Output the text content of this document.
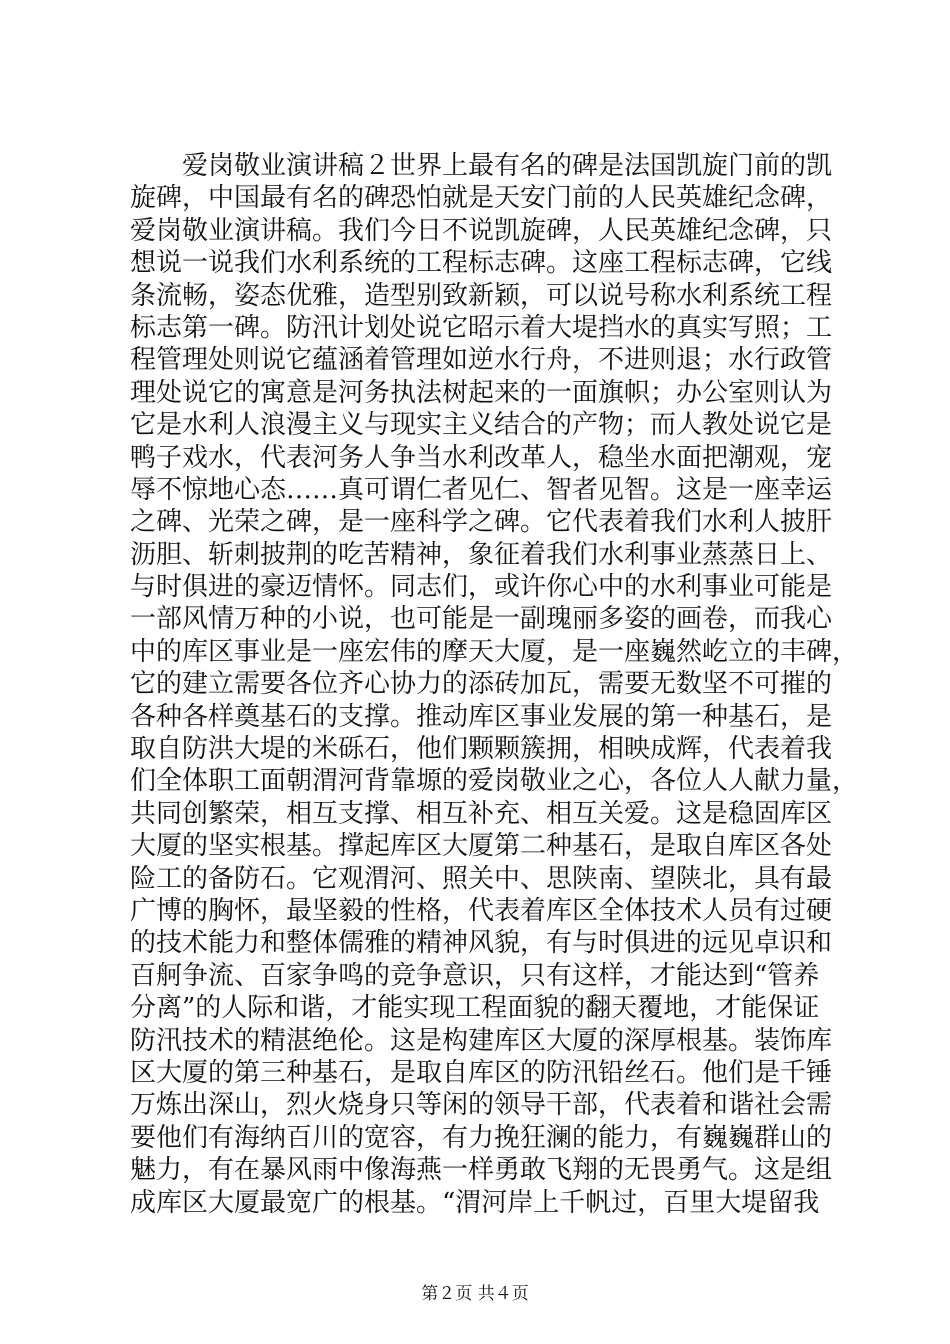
爱岗敬业演讲稿２世界上最有名的碑是法国凯旋门前的凯
旋碑，中国最有名的碑恐怕就是天安门前的人民英雄纪念碑，
爱岗敬业演讲稿。我们今日不说凯旋碑，人民英雄纪念碑，只
想说一说我们水利系统的工程标志碑。这座工程标志碑，它线
条流畅，姿态优雅，造型别致新颖，可以说号称水利系统工程
标志第一碑。防汛计划处说它昭示着大堤挡水的真实写照；工
程管理处则说它蕴涵着管理如逆水行舟，不进则退；水行政管
理处说它的寓意是河务执法树起来的一面旗帜；办公室则认为
它是水利人浪漫主义与现实主义结合的产物；而人教处说它是
鸭子戏水，代表河务人争当水利改革人，稳坐水面把潮观，宠
辱不惊地心态……真可谓仁者见仁、智者见智。这是一座幸运
之碑、光荣之碑，是一座科学之碑。它代表着我们水利人披肝
沥胆、斩刺披荆的吃苦精神，象征着我们水利事业蒸蒸日上、
与时俱进的豪迈情怀。同志们，或许你心中的水利事业可能是
一部风情万种的小说，也可能是一副瑰丽多姿的画卷，而我心
中的库区事业是一座宏伟的摩天大厦，是一座巍然屹立的丰碑，
它的建立需要各位齐心协力的添砖加瓦，需要无数坚不可摧的
各种各样奠基石的支撑。推动库区事业发展的第一种基石，是
取自防洪大堤的米砾石，他们颗颗簇拥，相映成辉，代表着我
们全体职工面朝渭河背靠塬的爱岗敬业之心，各位人人献力量，
共同创繁荣，相互支撑、相互补充、相互关爱。这是稳固库区
大厦的坚实根基。撑起库区大厦第二种基石，是取自库区各处
险工的备防石。它观渭河、照关中、思陕南、望陕北，具有最
广博的胸怀，最坚毅的性格，代表着库区全体技术人员有过硬
的技术能力和整体儒雅的精神风貌，有与时俱进的远见卓识和
百舸争流、百家争鸣的竞争意识，只有这样，才能达到“管养
分离”的人际和谐，才能实现工程面貌的翻天覆地，才能保证
防汛技术的精湛绝伦。这是构建库区大厦的深厚根基。装饰库
区大厦的第三种基石，是取自库区的防汛铅丝石。他们是千锤
万炼出深山，烈火烧身只等闲的领导干部，代表着和谐社会需
要他们有海纳百川的宽容，有力挽狂澜的能力，有巍巍群山的
魅力，有在暴风雨中像海燕一样勇敢飞翔的无畏勇气。这是组
成库区大厦最宽广的根基。“渭河岸上千帆过，百里大堤留我
第２页 共４页
